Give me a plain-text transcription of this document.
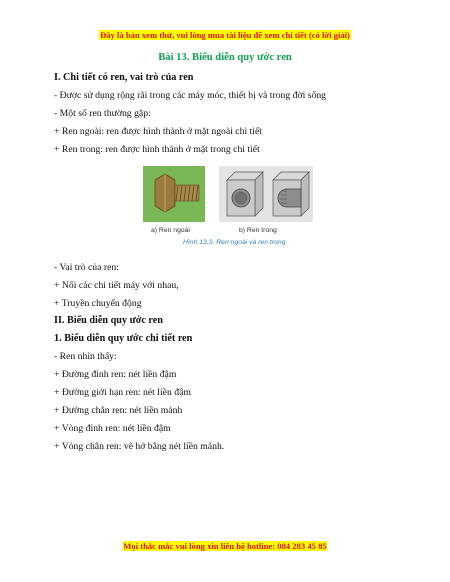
Đây là bản xem thử, vui lòng mua tài liệu để xem chi tiết (có lời giải)
Bài 13. Biểu diễn quy ước ren
I. Chi tiết có ren, vai trò của ren
- Được sử dụng rộng rãi trong các máy móc, thiết bị và trong đời sống
- Một số ren thường gặp:
+ Ren ngoài: ren được hình thành ở mặt ngoài chi tiết
+ Ren trong: ren được hình thành ở mặt trong chi tiết
a) Ren ngoài	b) Ren trong
Hình 13.3. Ren ngoài và ren trong
- Vai trò của ren:
+ Nối các chi tiết máy với nhau,
+ Truyền chuyển động
II. Biểu diễn quy ước ren
1. Biểu diễn quy ước chi tiết ren
- Ren nhìn thấy:
+ Đường đỉnh ren: nét liền đậm
+ Đường giới hạn ren: nét liền đậm
+ Đường chân ren: nét liền mảnh
+ Vòng đỉnh ren: nét liền đậm
+ Vòng chân ren: vẽ hở bằng nét liền mảnh.
Mọi thắc mắc vui lòng xin liên hệ hotline: 084 283 45 85
